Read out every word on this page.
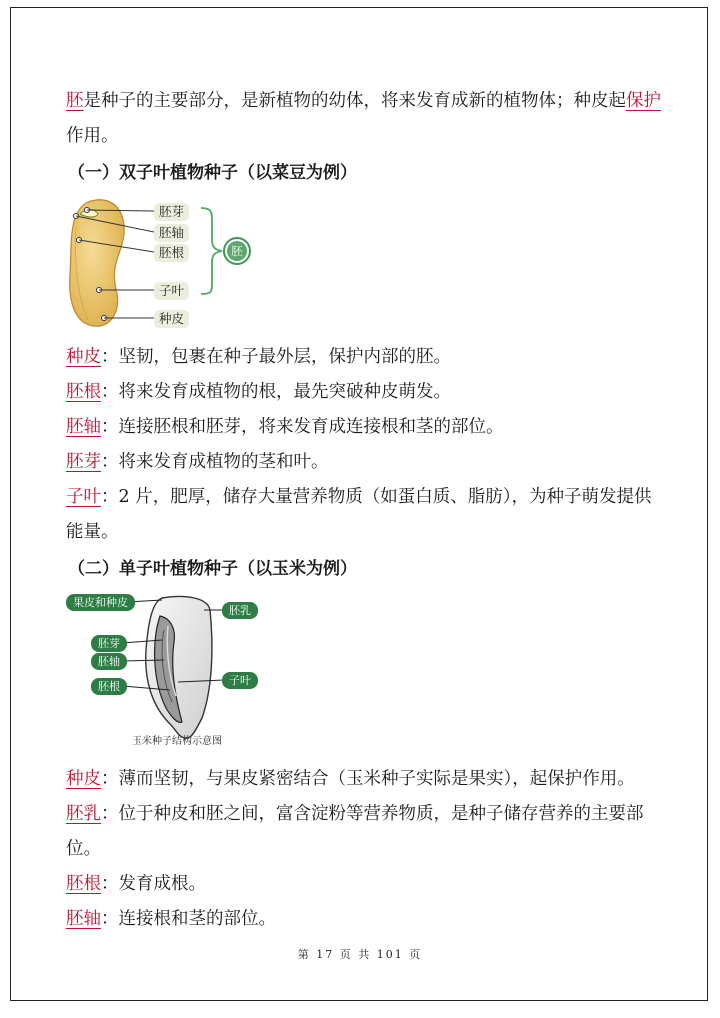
胚是种子的主要部分，是新植物的幼体，将来发育成新的植物体；种皮起保护作用。

（一）双子叶植物种子（以菜豆为例）

胚芽
胚轴
胚根
子叶
种皮
胚

种皮：坚韧，包裹在种子最外层，保护内部的胚。

胚根：将来发育成植物的根，最先突破种皮萌发。

胚轴：连接胚根和胚芽，将来发育成连接根和茎的部位。

胚芽：将来发育成植物的茎和叶。

子叶：2 片，肥厚，储存大量营养物质（如蛋白质、脂肪），为种子萌发提供能量。

（二）单子叶植物种子（以玉米为例）

果皮和种皮
胚乳
胚芽
胚轴
子叶
胚根
玉米种子结构示意图

种皮：薄而坚韧，与果皮紧密结合（玉米种子实际是果实），起保护作用。

胚乳：位于种皮和胚之间，富含淀粉等营养物质，是种子储存营养的主要部位。

胚根：发育成根。

胚轴：连接根和茎的部位。

第 17 页 共 101 页
